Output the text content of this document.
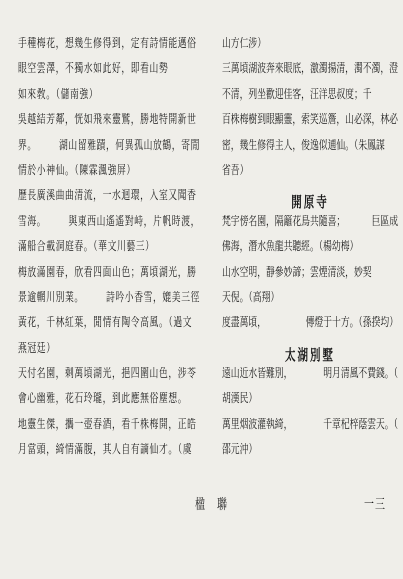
手種梅花，想幾生修得到，定有詩情能邁俗
眼空雲澤，不獨水如此好，即看山勢
如來敎。（儲南強）
吳越結芳鄰，恍如飛來靈鷲，勝地特開新世
界。	湖山留雅蹟，何異孤山放鶴，寄閒
情於小神仙。（陳霖渢強屏）
歷長廣溪曲曲清流，一水迴環，入室又聞香
雪海。	與東西山遙遙對峙，片帆時渡，
滿船合載洞庭春。（華文川藝三）
梅放滿園春，欣看四面山色；萬頃湖光，勝
景逾輞川別業。	詩吟小香雪，媲美三徑
黃花，千林紅葉，閒情有陶令高風。（過文
燕冠廷）
天付名園，剩萬頃湖光，挹四圍山色，涉苓
會心幽雅，花石玲瓏，到此應無俗塵想。
地靈生傑，攜一壺春酒，看千株梅開，正皓
月當頭，綺情滿腹，其人自有謫仙才。（虞
山方仁涉）
三萬頃湖波奔來眼底，激濁揚清，濁不濁，澄
不清，列坐歡迎佳客，汪洋思叔度；千
百株梅樹到眼顯靈，索笑巡簷，山必深，林必
密，幾生修得主人，俊逸似逋仙。（朱鳳謀
省吾）
開原寺
梵宇傍名園，隔籬花鳥共隨喜；	巨區成
佛海，潛水魚龍共聽經。（楊幼梅）
山水空明，靜參妙諦；雲煙清淡，妙契
天倪。（高翔）
度盡萬頃，	傳燈于十方。（孫揆均）
太湖別墅
遠山近水皆難別，	明月清風不費錢。（
胡漢民）
萬里烟波灌執綺，	千章杞梓蔭雲天。（
邵元沖）
楹　聯	一三
